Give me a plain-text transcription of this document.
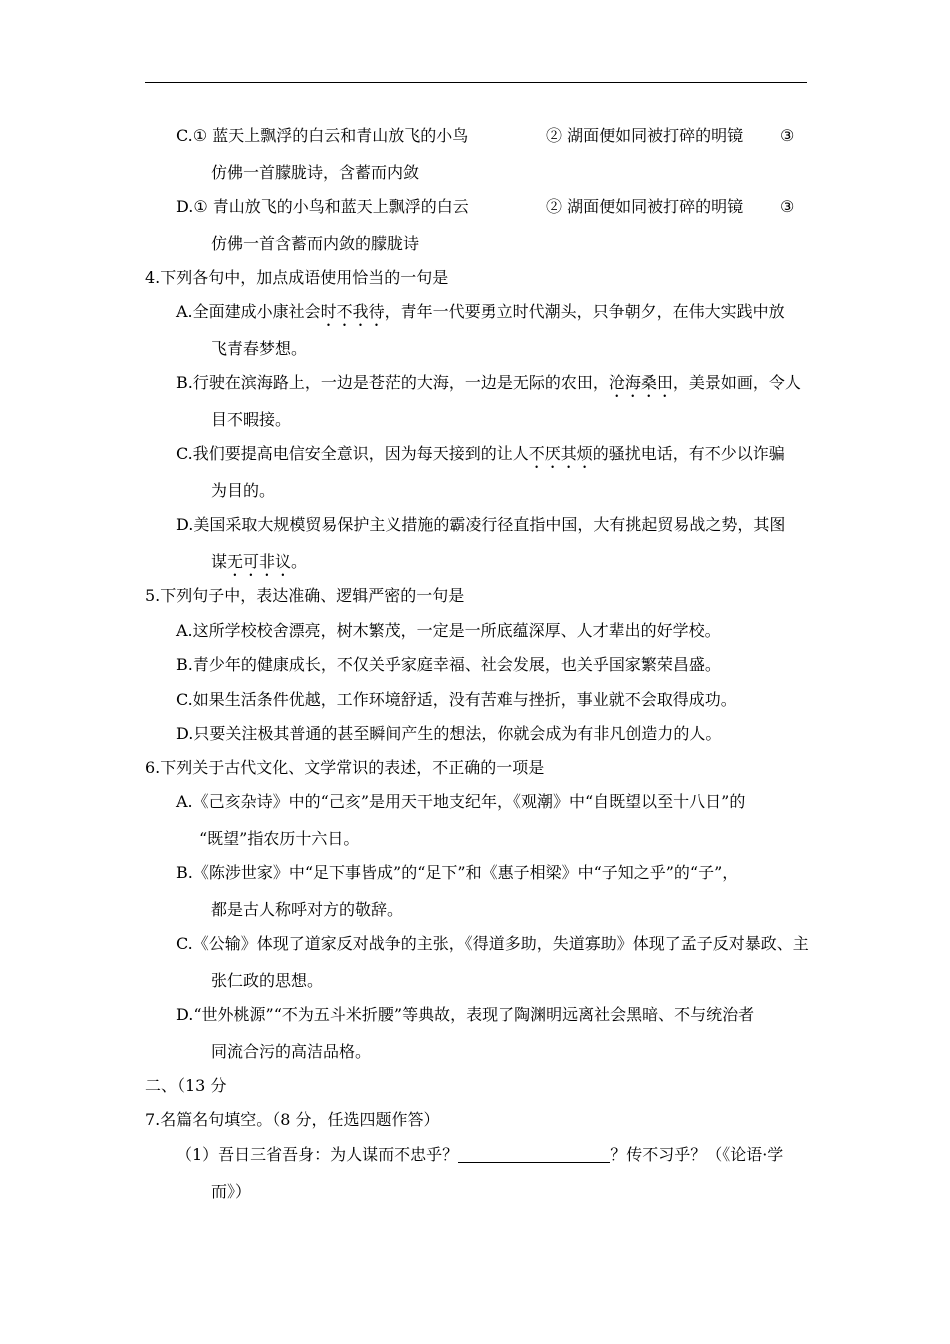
C.① 蓝天上飘浮的白云和青山放飞的小鸟	② 湖面便如同被打碎的明镜 ③
仿佛一首朦胧诗，含蓄而内敛
D.① 青山放飞的小鸟和蓝天上飘浮的白云	② 湖面便如同被打碎的明镜 ③
仿佛一首含蓄而内敛的朦胧诗
4.下列各句中，加点成语使用恰当的一句是
A.全面建成小康社会时不我待，青年一代要勇立时代潮头，只争朝夕，在伟大实践中放
飞青春梦想。
B.行驶在滨海路上，一边是苍茫的大海，一边是无际的农田，沧海桑田，美景如画，令人
目不暇接。
C.我们要提高电信安全意识，因为每天接到的让人不厌其烦的骚扰电话，有不少以诈骗
为目的。
D.美国采取大规模贸易保护主义措施的霸凌行径直指中国，大有挑起贸易战之势，其图
谋无可非议。
5.下列句子中，表达准确、逻辑严密的一句是
A.这所学校校舍漂亮，树木繁茂，一定是一所底蕴深厚、人才辈出的好学校。
B.青少年的健康成长，不仅关乎家庭幸福、社会发展，也关乎国家繁荣昌盛。
C.如果生活条件优越，工作环境舒适，没有苦难与挫折，事业就不会取得成功。
D.只要关注极其普通的甚至瞬间产生的想法，你就会成为有非凡创造力的人。
6.下列关于古代文化、文学常识的表述，不正确的一项是
A.《己亥杂诗》中的“己亥”是用天干地支纪年，《观潮》中“自既望以至十八日”的
“既望”指农历十六日。
B.《陈涉世家》中“足下事皆成”的“足下”和《惠子相梁》中“子知之乎”的“子”，
都是古人称呼对方的敬辞。
C.《公输》体现了道家反对战争的主张，《得道多助，失道寡助》体现了孟子反对暴政、主
张仁政的思想。
D.“世外桃源”“不为五斗米折腰”等典故，表现了陶渊明远离社会黑暗、不与统治者
同流合污的高洁品格。
二、（13 分
7.名篇名句填空。（8 分，任选四题作答）
（1）吾日三省吾身：为人谋而不忠乎？	？传不习乎？（《论语·学
而》）
